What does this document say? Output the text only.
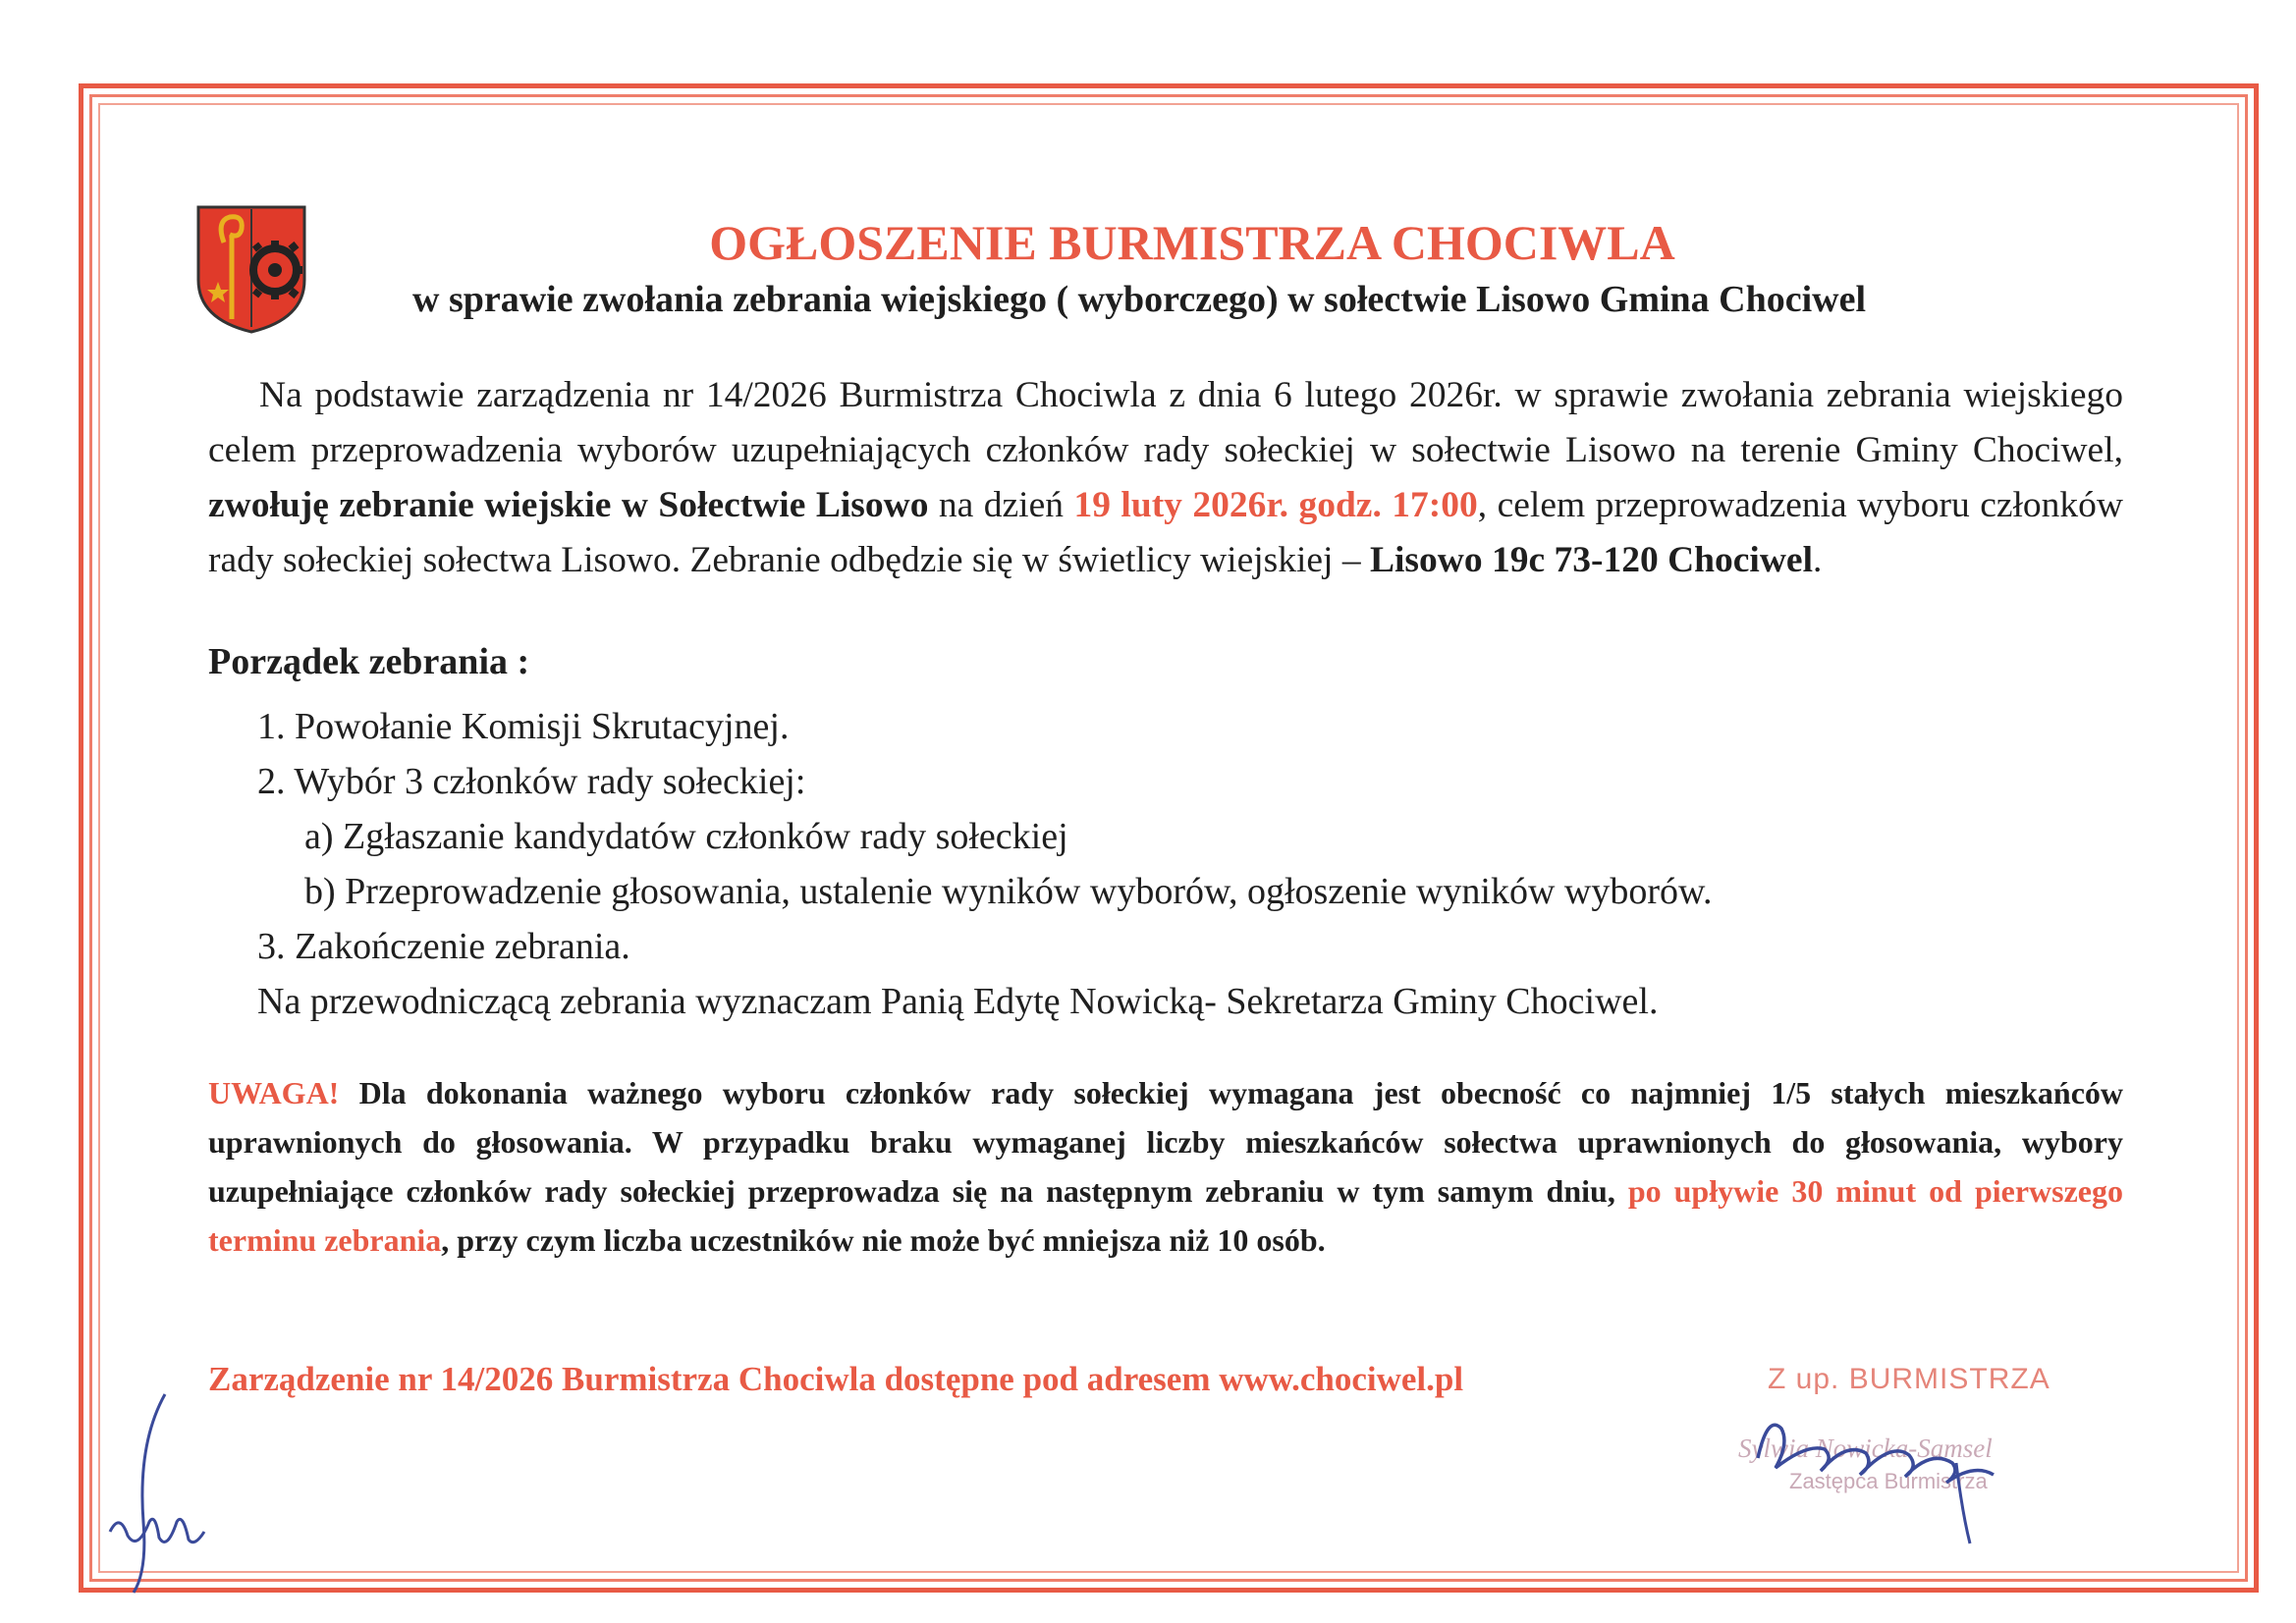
OGŁOSZENIE BURMISTRZA CHOCIWLA
w sprawie zwołania zebrania wiejskiego ( wyborczego) w sołectwie Lisowo Gmina Chociwel

Na podstawie zarządzenia nr 14/2026 Burmistrza Chociwla z dnia 6 lutego 2026r. w sprawie zwołania zebrania wiejskiego celem przeprowadzenia wyborów uzupełniających członków rady sołeckiej w sołectwie Lisowo na terenie Gminy Chociwel, zwołuję zebranie wiejskie w Sołectwie Lisowo na dzień 19 luty 2026r. godz. 17:00, celem przeprowadzenia wyboru członków rady sołeckiej sołectwa Lisowo. Zebranie odbędzie się w świetlicy wiejskiej – Lisowo 19c 73-120 Chociwel.

Porządek zebrania :
1. Powołanie Komisji Skrutacyjnej.
2. Wybór 3 członków rady sołeckiej:
a) Zgłaszanie kandydatów członków rady sołeckiej
b) Przeprowadzenie głosowania, ustalenie wyników wyborów, ogłoszenie wyników wyborów.
3. Zakończenie zebrania.
Na przewodniczącą zebrania wyznaczam Panią Edytę Nowicką- Sekretarza Gminy Chociwel.

UWAGA! Dla dokonania ważnego wyboru członków rady sołeckiej wymagana jest obecność co najmniej 1/5 stałych mieszkańców uprawnionych do głosowania. W przypadku braku wymaganej liczby mieszkańców sołectwa uprawnionych do głosowania, wybory uzupełniające członków rady sołeckiej przeprowadza się na następnym zebraniu w tym samym dniu, po upływie 30 minut od pierwszego terminu zebrania, przy czym liczba uczestników nie może być mniejsza niż 10 osób.

Zarządzenie nr 14/2026 Burmistrza Chociwla dostępne pod adresem www.chociwel.pl	Z up. BURMISTRZA

Sylwia Nowicka-Samsel

Zastępca Burmistrza
